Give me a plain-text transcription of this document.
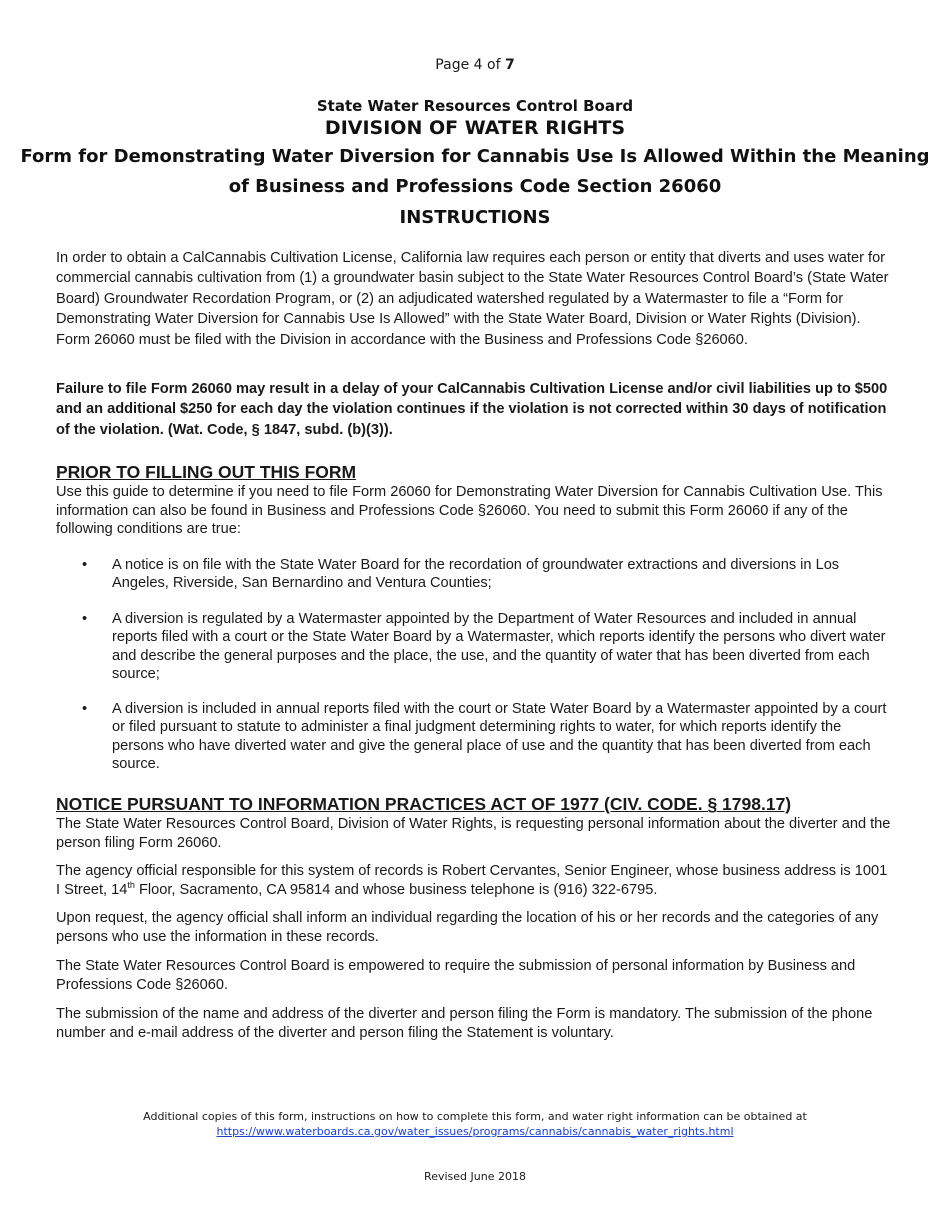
Page 4 of 7
State Water Resources Control Board
DIVISION OF WATER RIGHTS
Form for Demonstrating Water Diversion for Cannabis Use Is Allowed Within the Meaning
of Business and Professions Code Section 26060
INSTRUCTIONS
In order to obtain a CalCannabis Cultivation License, California law requires each person or entity that diverts and uses water for commercial cannabis cultivation from (1) a groundwater basin subject to the State Water Resources Control Board’s (State Water Board) Groundwater Recordation Program, or (2) an adjudicated watershed regulated by a Watermaster to file a “Form for Demonstrating Water Diversion for Cannabis Use Is Allowed” with the State Water Board, Division or Water Rights (Division). Form 26060 must be filed with the Division in accordance with the Business and Professions Code §26060.
Failure to file Form 26060 may result in a delay of your CalCannabis Cultivation License and/or civil liabilities up to $500 and an additional $250 for each day the violation continues if the violation is not corrected within 30 days of notification of the violation. (Wat. Code, § 1847, subd. (b)(3)).
PRIOR TO FILLING OUT THIS FORM
Use this guide to determine if you need to file Form 26060 for Demonstrating Water Diversion for Cannabis Cultivation Use. This information can also be found in Business and Professions Code §26060. You need to submit this Form 26060 if any of the following conditions are true:
• A notice is on file with the State Water Board for the recordation of groundwater extractions and diversions in Los Angeles, Riverside, San Bernardino and Ventura Counties;
• A diversion is regulated by a Watermaster appointed by the Department of Water Resources and included in annual reports filed with a court or the State Water Board by a Watermaster, which reports identify the persons who divert water and describe the general purposes and the place, the use, and the quantity of water that has been diverted from each source;
• A diversion is included in annual reports filed with the court or State Water Board by a Watermaster appointed by a court or filed pursuant to statute to administer a final judgment determining rights to water, for which reports identify the persons who have diverted water and give the general place of use and the quantity that has been diverted from each source.
NOTICE PURSUANT TO INFORMATION PRACTICES ACT OF 1977 (CIV. CODE. § 1798.17)
The State Water Resources Control Board, Division of Water Rights, is requesting personal information about the diverter and the person filing Form 26060.
The agency official responsible for this system of records is Robert Cervantes, Senior Engineer, whose business address is 1001 I Street, 14th Floor, Sacramento, CA 95814 and whose business telephone is (916) 322-6795.
Upon request, the agency official shall inform an individual regarding the location of his or her records and the categories of any persons who use the information in these records.
The State Water Resources Control Board is empowered to require the submission of personal information by Business and Professions Code §26060.
The submission of the name and address of the diverter and person filing the Form is mandatory. The submission of the phone number and e-mail address of the diverter and person filing the Statement is voluntary.
Additional copies of this form, instructions on how to complete this form, and water right information can be obtained at
https://www.waterboards.ca.gov/water_issues/programs/cannabis/cannabis_water_rights.html
Revised June 2018
